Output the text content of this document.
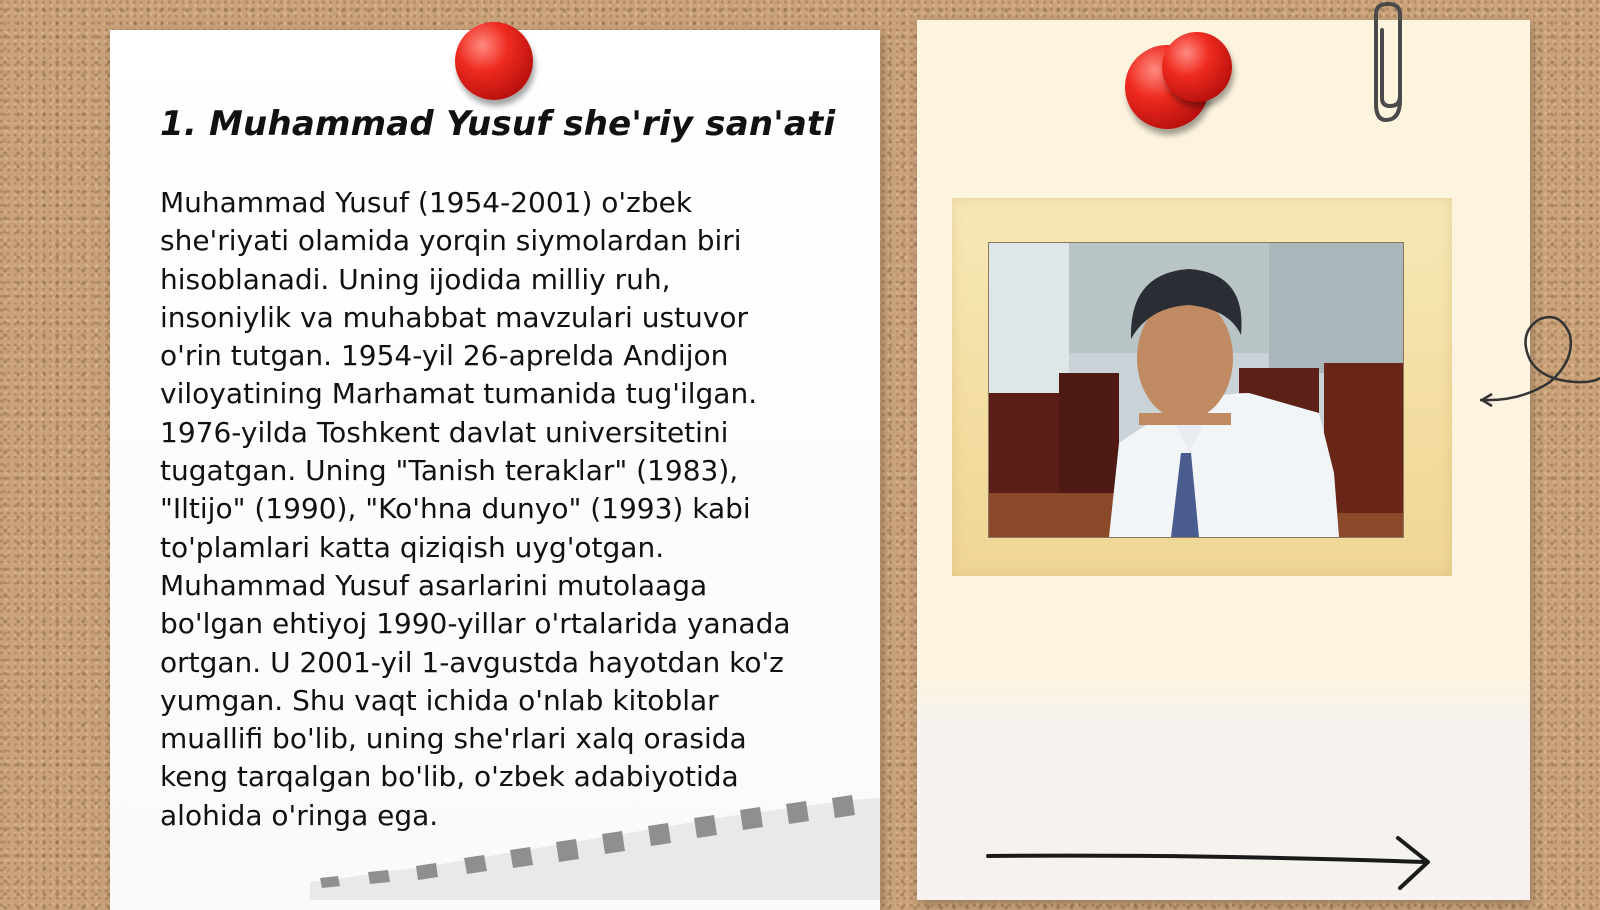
1. Muhammad Yusuf she'riy san'ati

Muhammad Yusuf (1954-2001) o'zbek
she'riyati olamida yorqin siymolardan biri
hisoblanadi. Uning ijodida milliy ruh,
insoniylik va muhabbat mavzulari ustuvor
o'rin tutgan. 1954-yil 26-aprelda Andijon
viloyatining Marhamat tumanida tug'ilgan.
1976-yilda Toshkent davlat universitetini
tugatgan. Uning "Tanish teraklar" (1983),
"Iltijo" (1990), "Ko'hna dunyo" (1993) kabi
to'plamlari katta qiziqish uyg'otgan.
Muhammad Yusuf asarlarini mutolaaga
bo'lgan ehtiyoj 1990-yillar o'rtalarida yanada
ortgan. U 2001-yil 1-avgustda hayotdan ko'z
yumgan. Shu vaqt ichida o'nlab kitoblar
muallifi bo'lib, uning she'rlari xalq orasida
keng tarqalgan bo'lib, o'zbek adabiyotida
alohida o'ringa ega.
